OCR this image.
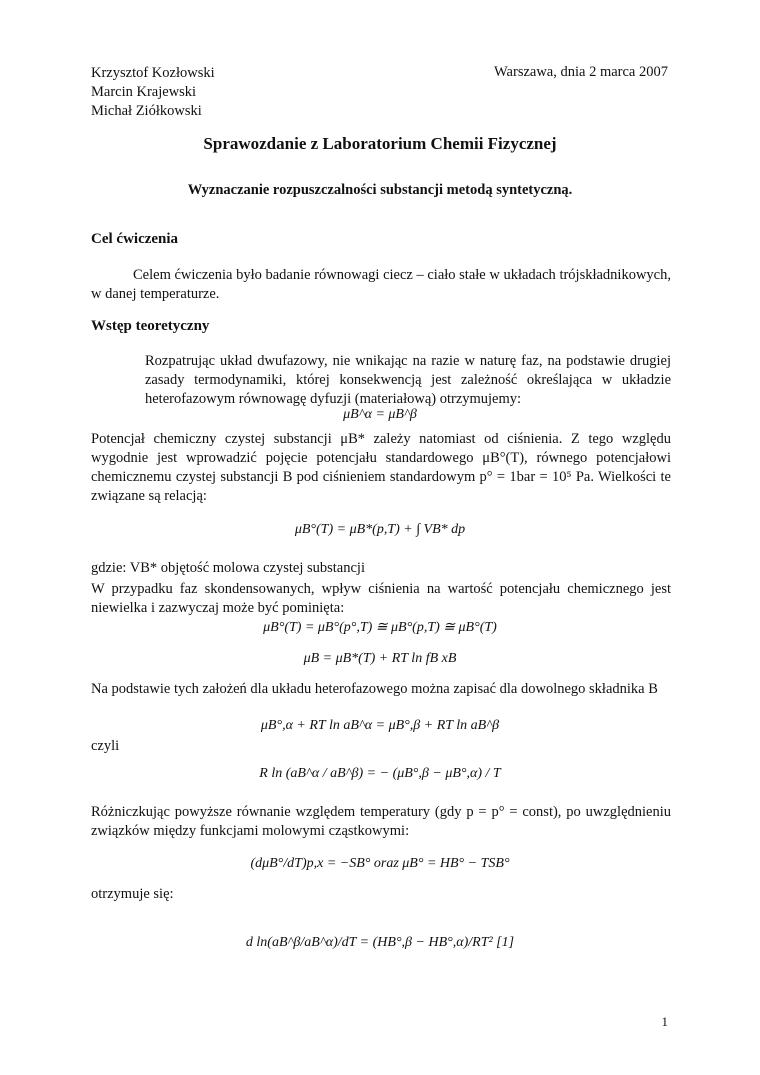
Krzysztof Kozłowski
Marcin Krajewski
Michał Ziółkowski
Warszawa, dnia 2 marca 2007
Sprawozdanie z Laboratorium Chemii Fizycznej
Wyznaczanie rozpuszczalności substancji metodą syntetyczną.
Cel ćwiczenia
Celem ćwiczenia było badanie równowagi ciecz – ciało stałe w układach trójskładnikowych, w danej temperaturze.
Wstęp teoretyczny
Rozpatrując układ dwufazowy, nie wnikając na razie w naturę faz, na podstawie drugiej zasady termodynamiki, której konsekwencją jest zależność określająca w układzie heterofazowym równowagę dyfuzji (materiałową) otrzymujemy:
μB^α = μB^β
Potencjał chemiczny czystej substancji μB* zależy natomiast od ciśnienia. Z tego względu wygodnie jest wprowadzić pojęcie potencjału standardowego μB°(T), równego potencjałowi chemicznemu czystej substancji B pod ciśnieniem standardowym p° = 1bar = 10⁵ Pa. Wielkości te związane są relacją:
μB°(T) = μB*(p,T) + ∫ VB* dp
gdzie: VB* objętość molowa czystej substancji
W przypadku faz skondensowanych, wpływ ciśnienia na wartość potencjału chemicznego jest niewielka i zazwyczaj może być pominięta:
μB°(T) = μB°(p°,T) ≅ μB°(p,T) ≅ μB°(T)
μB = μB*(T) + RT ln fB xB
Na podstawie tych założeń dla układu heterofazowego można zapisać dla dowolnego składnika B
μB°,α + RT ln aB^α = μB°,β + RT ln aB^β
czyli
R ln (aB^α / aB^β) = − (μB°,β − μB°,α) / T
Różniczkując powyższe równanie względem temperatury (gdy p = p° = const), po uwzględnieniu związków między funkcjami molowymi cząstkowymi:
(dμB°/dT)p,x = −SB° oraz μB° = HB° − TSB°
otrzymuje się:
d ln(aB^β/aB^α)/dT = (HB°,β − HB°,α)/RT² [1]
1
